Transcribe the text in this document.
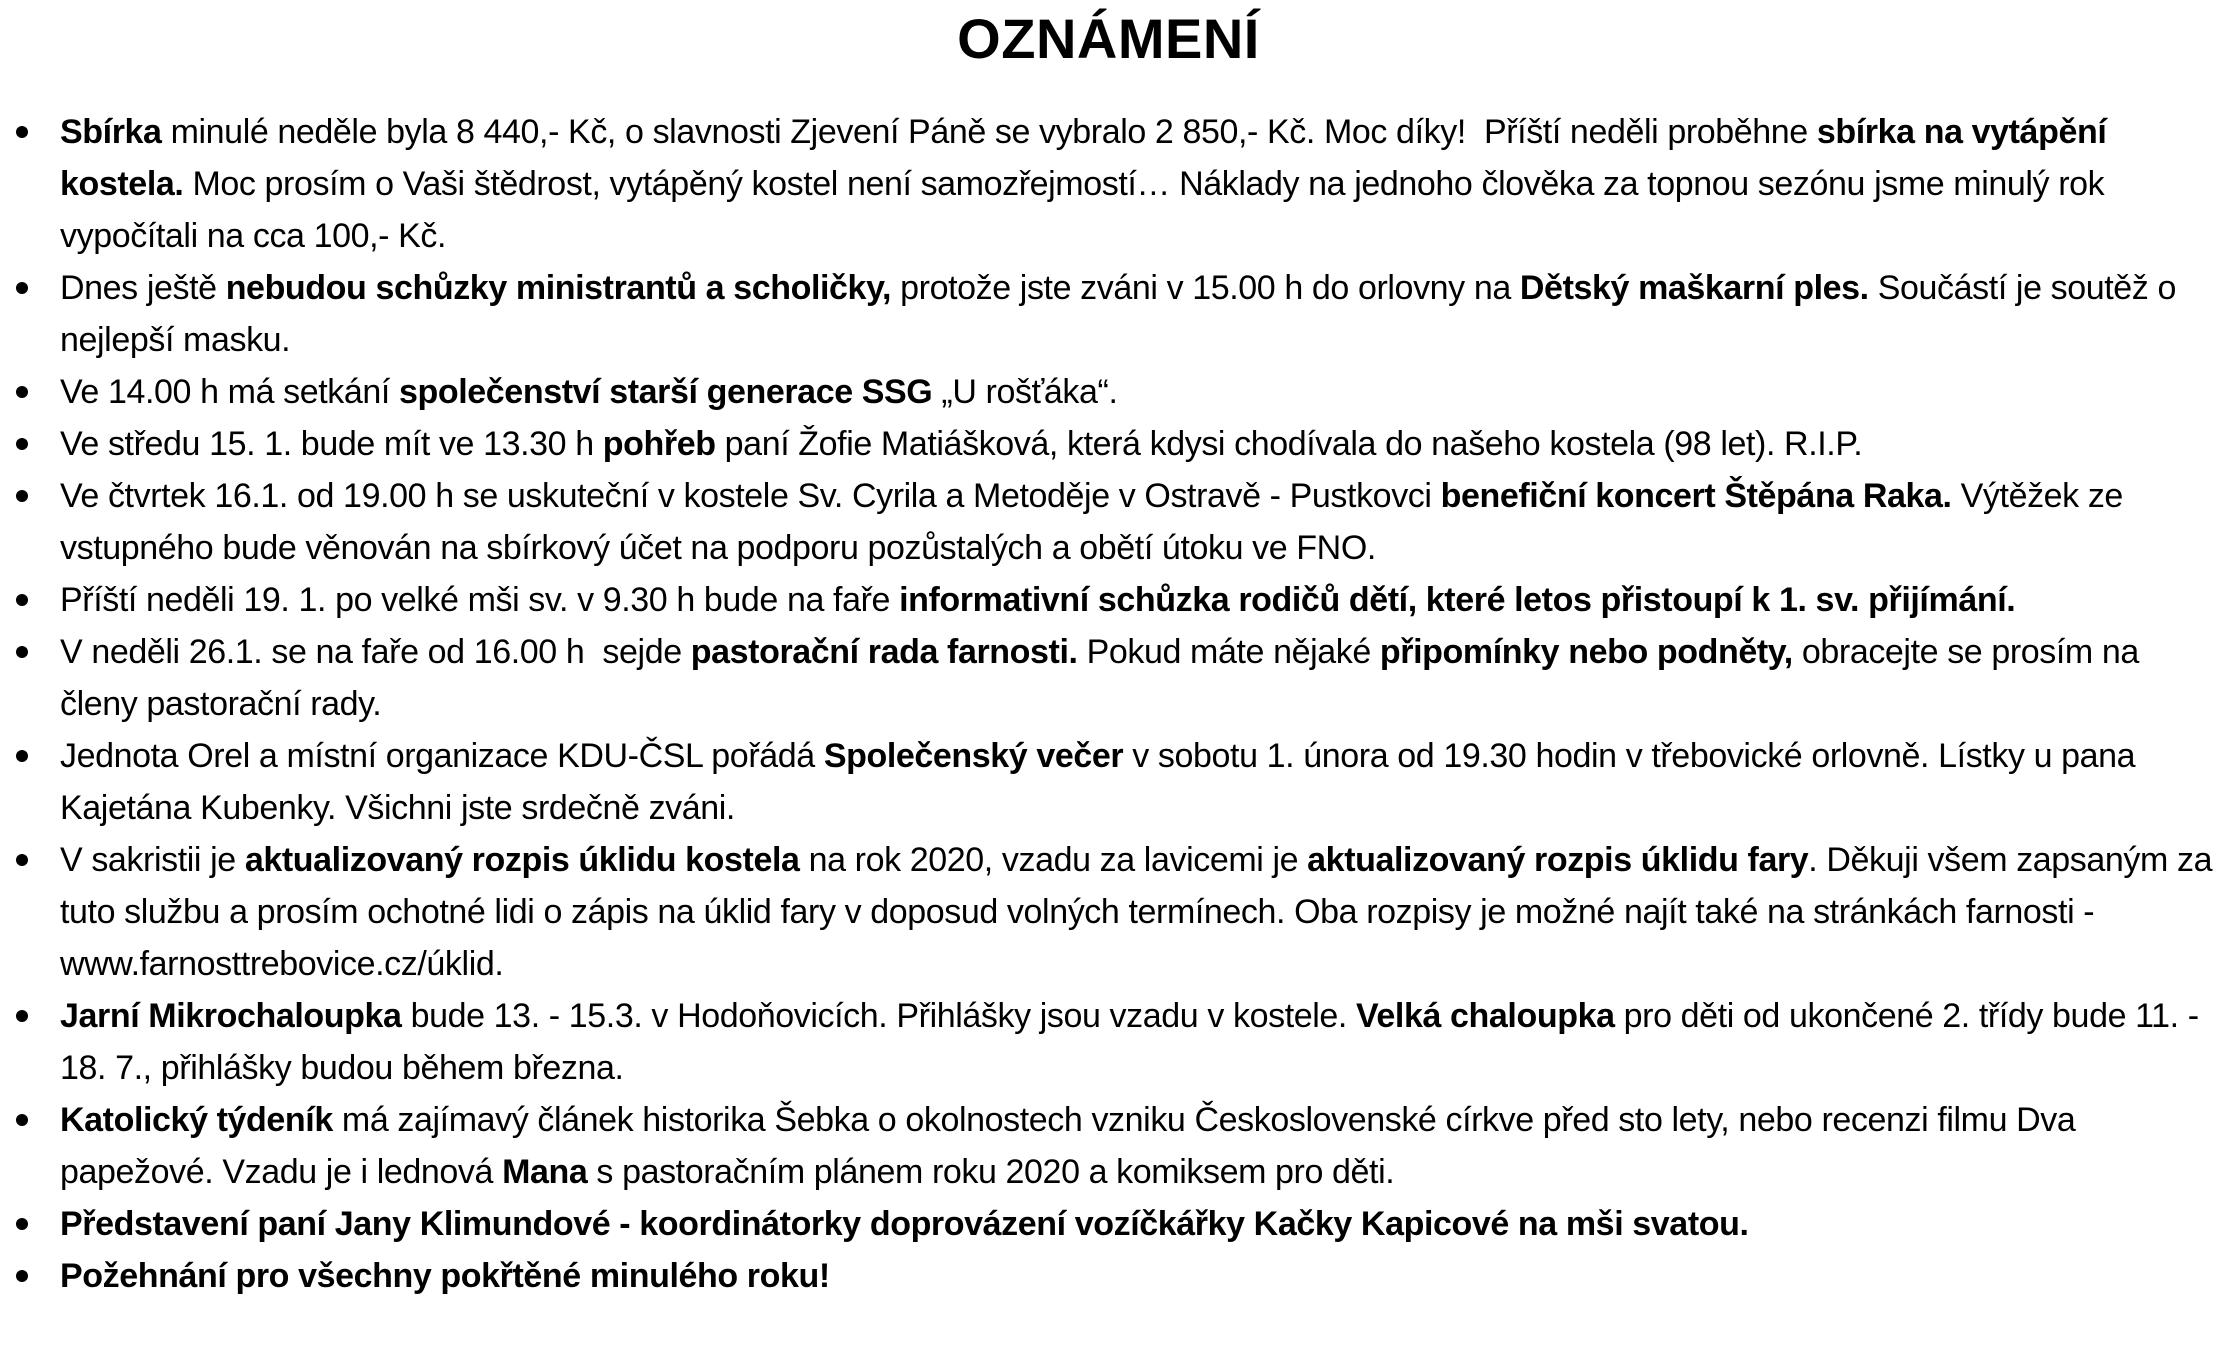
OZNÁMENÍ

Sbírka minulé neděle byla 8 440,- Kč, o slavnosti Zjevení Páně se vybralo 2 850,- Kč. Moc díky!  Příští neděli proběhne sbírka na vytápění kostela. Moc prosím o Vaši štědrost, vytápěný kostel není samozřejmostí… Náklady na jednoho člověka za topnou sezónu jsme minulý rok vypočítali na cca 100,- Kč.

Dnes ještě nebudou schůzky ministrantů a scholičky, protože jste zváni v 15.00 h do orlovny na Dětský maškarní ples. Součástí je soutěž o nejlepší masku.

Ve 14.00 h má setkání společenství starší generace SSG „U rošťáka“.

Ve středu 15. 1. bude mít ve 13.30 h pohřeb paní Žofie Matiášková, která kdysi chodívala do našeho kostela (98 let). R.I.P.

Ve čtvrtek 16.1. od 19.00 h se uskuteční v kostele Sv. Cyrila a Metoděje v Ostravě - Pustkovci benefiční koncert Štěpána Raka. Výtěžek ze vstupného bude věnován na sbírkový účet na podporu pozůstalých a obětí útoku ve FNO.

Příští neděli 19. 1. po velké mši sv. v 9.30 h bude na faře informativní schůzka rodičů dětí, které letos přistoupí k 1. sv. přijímání.

V neděli 26.1. se na faře od 16.00 h  sejde pastorační rada farnosti. Pokud máte nějaké připomínky nebo podněty, obracejte se prosím na členy pastorační rady.

Jednota Orel a místní organizace KDU-ČSL pořádá Společenský večer v sobotu 1. února od 19.30 hodin v třebovické orlovně. Lístky u pana Kajetána Kubenky. Všichni jste srdečně zváni.

V sakristii je aktualizovaný rozpis úklidu kostela na rok 2020, vzadu za lavicemi je aktualizovaný rozpis úklidu fary. Děkuji všem zapsaným za tuto službu a prosím ochotné lidi o zápis na úklid fary v doposud volných termínech. Oba rozpisy je možné najít také na stránkách farnosti - www.farnosttrebovice.cz/úklid.

Jarní Mikrochaloupka bude 13. - 15.3. v Hodoňovicích. Přihlášky jsou vzadu v kostele. Velká chaloupka pro děti od ukončené 2. třídy bude 11. - 18. 7., přihlášky budou během března.

Katolický týdeník má zajímavý článek historika Šebka o okolnostech vzniku Československé církve před sto lety, nebo recenzi filmu Dva papežové. Vzadu je i lednová Mana s pastoračním plánem roku 2020 a komiksem pro děti.

Představení paní Jany Klimundové - koordinátorky doprovázení vozíčkářky Kačky Kapicové na mši svatou.

Požehnání pro všechny pokřtěné minulého roku!
